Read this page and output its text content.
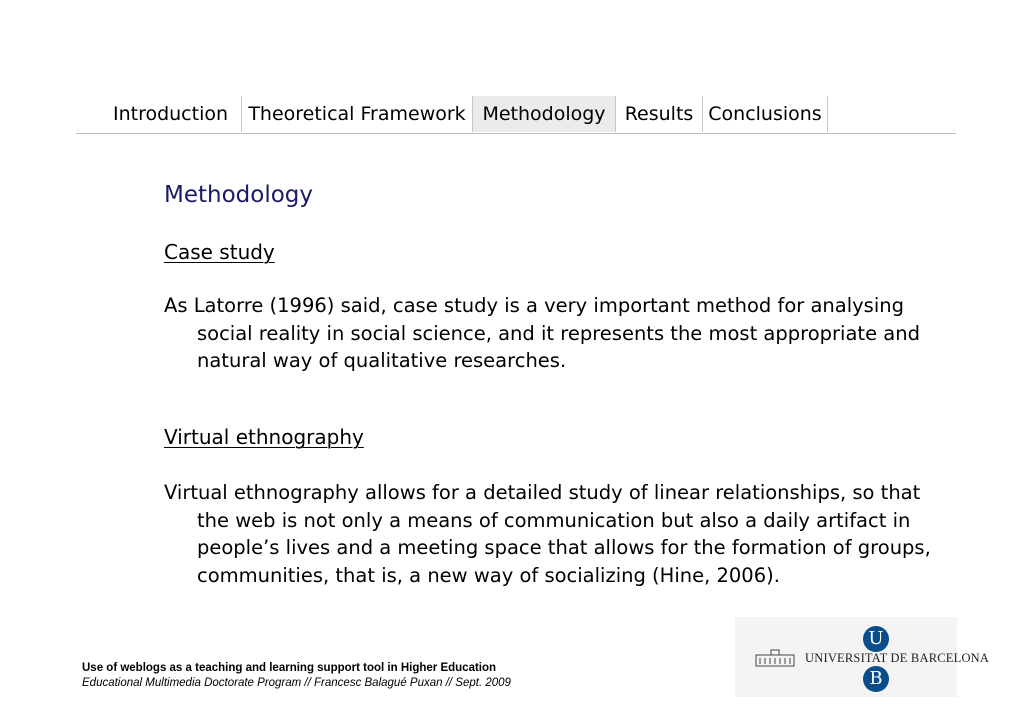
Introduction	Theoretical Framework Methodology	Results Conclusions
Methodology
Case study
As Latorre (1996) said, case study is a very important method for analysing social reality in social science, and it represents the most appropriate and natural way of qualitative researches.
Virtual ethnography
Virtual ethnography allows for a detailed study of linear relationships, so that the web is not only a means of communication but also a daily artifact in people’s lives and a meeting space that allows for the formation of groups, communities, that is, a new way of socializing (Hine, 2006).
Use of weblogs as a teaching and learning support tool in Higher Education
Educational Multimedia Doctorate Program // Francesc Balagué Puxan // Sept. 2009
U
UNIVERSITAT DE BARCELONA
B
